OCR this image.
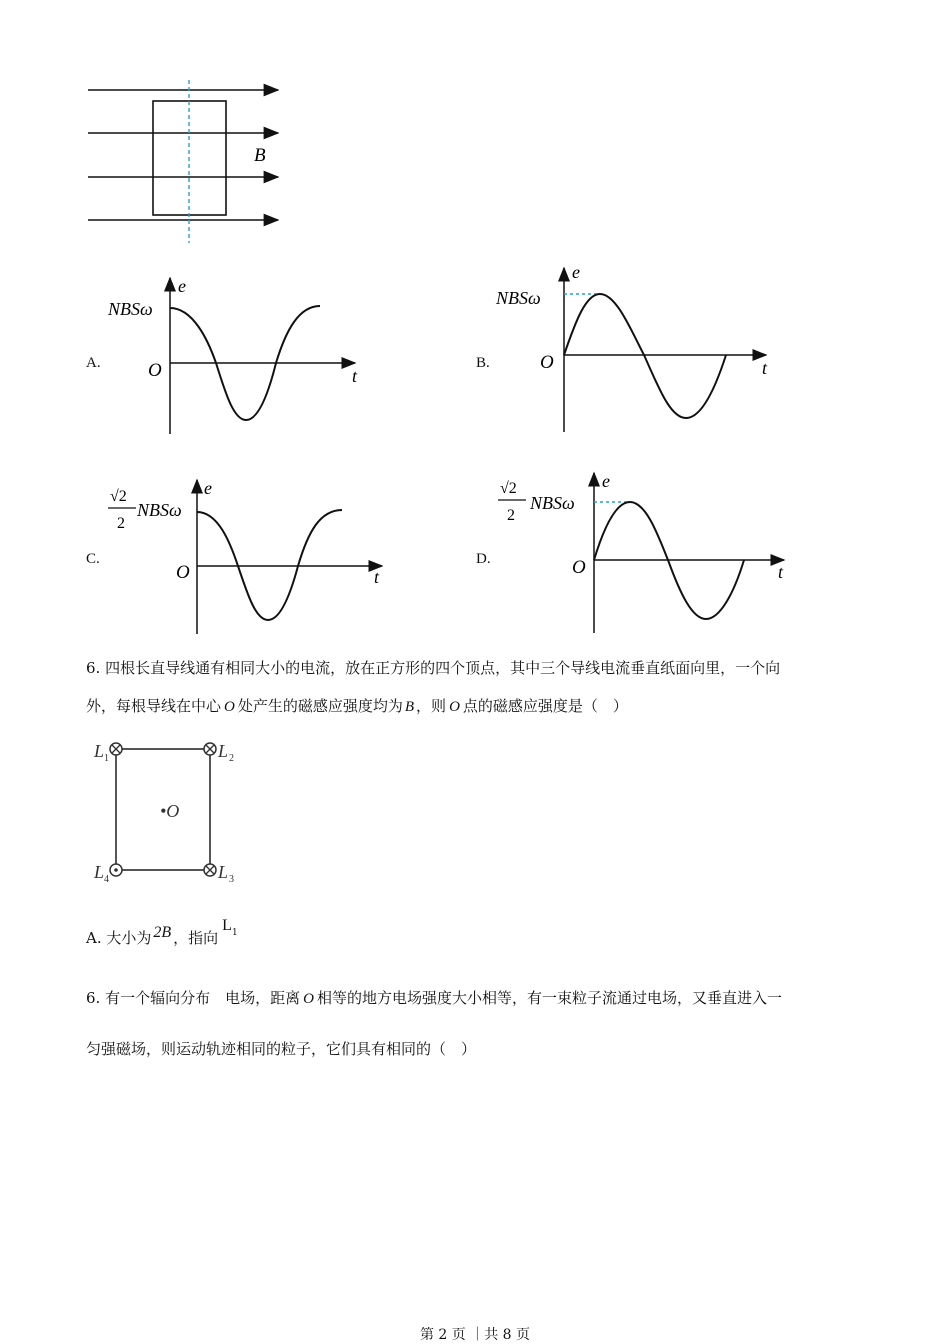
B
A.
e
t
O
NBSω
B.
e
t
O
NBSω
C.
e
t
O
√2
2
NBSω
D.
e
t
O
√2
2
NBSω
6. 四根长直导线通有相同大小的电流，放在正方形的四个顶点，其中三个导线电流垂直纸面向里，一个向
外，每根导线在中心 O 处产生的磁感应强度均为 B ，则 O 点的磁感应强度是（　）
L 1	L 2
L 3
L 4
•O
A. 大小为 2B ，指向$L^1$
6. 有一个辐向分布　电场，距离 O 相等的地方电场强度大小相等，有一束粒子流通过电场，又垂直进入一
匀强磁场，则运动轨迹相同的粒子，它们具有相同的（　）
第 2 页 ｜共 8 页
